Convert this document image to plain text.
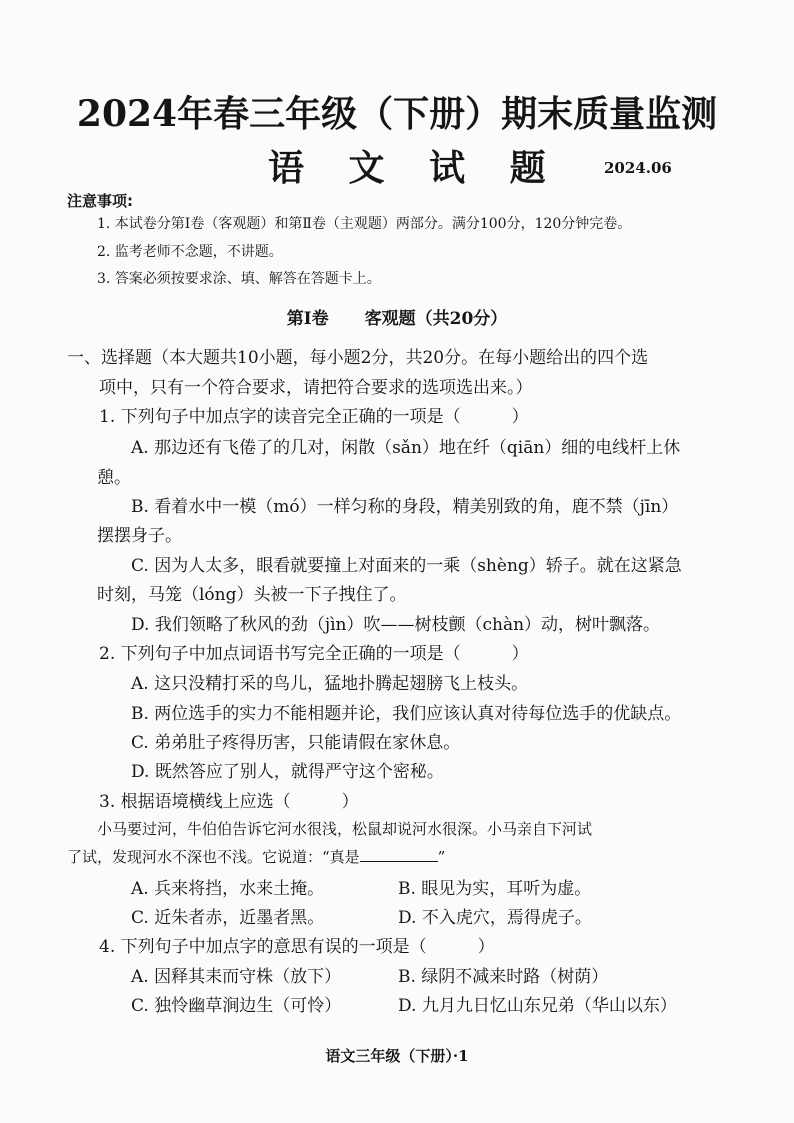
2024年春三年级（下册）期末质量监测
语 文 试 题	2024.06
注意事项:
1. 本试卷分第Ⅰ卷（客观题）和第Ⅱ卷（主观题）两部分。满分100分，120分钟完卷。
2. 监考老师不念题，不讲题。
3. 答案必须按要求涂、填、解答在答题卡上。
第Ⅰ卷 客观题（共20分）
一、选择题（本大题共10小题，每小题2分，共20分。在每小题给出的四个选
项中，只有一个符合要求，请把符合要求的选项选出来。）
1. 下列句子中加点字的读音完全正确的一项是（　　　）
A. 那边还有飞倦了的几对，闲散（sǎn）地在纤（qiān）细的电线杆上休
憩。
B. 看着水中一模（mó）一样匀称的身段，精美别致的角，鹿不禁（jīn）
摆摆身子。
C. 因为人太多，眼看就要撞上对面来的一乘（shèng）轿子。就在这紧急
时刻，马笼（lóng）头被一下子拽住了。
D. 我们领略了秋风的劲（jìn）吹——树枝颤（chàn）动，树叶飘落。
2. 下列句子中加点词语书写完全正确的一项是（　　　）
A. 这只没精打采的鸟儿，猛地扑腾起翅膀飞上枝头。
B. 两位选手的实力不能相题并论，我们应该认真对待每位选手的优缺点。
C. 弟弟肚子疼得历害，只能请假在家休息。
D. 既然答应了别人，就得严守这个密秘。
3. 根据语境横线上应选（　　　）
小马要过河，牛伯伯告诉它河水很浅，松鼠却说河水很深。小马亲自下河试
了试，发现河水不深也不浅。它说道：“真是	”
A. 兵来将挡，水来土掩。	B. 眼见为实，耳听为虚。
C. 近朱者赤，近墨者黑。	D. 不入虎穴，焉得虎子。
4. 下列句子中加点字的意思有误的一项是（　　　）
A. 因释其耒而守株（放下）	B. 绿阴不减来时路（树荫）
C. 独怜幽草涧边生（可怜）	D. 九月九日忆山东兄弟（华山以东）
语文三年级（下册）·1
